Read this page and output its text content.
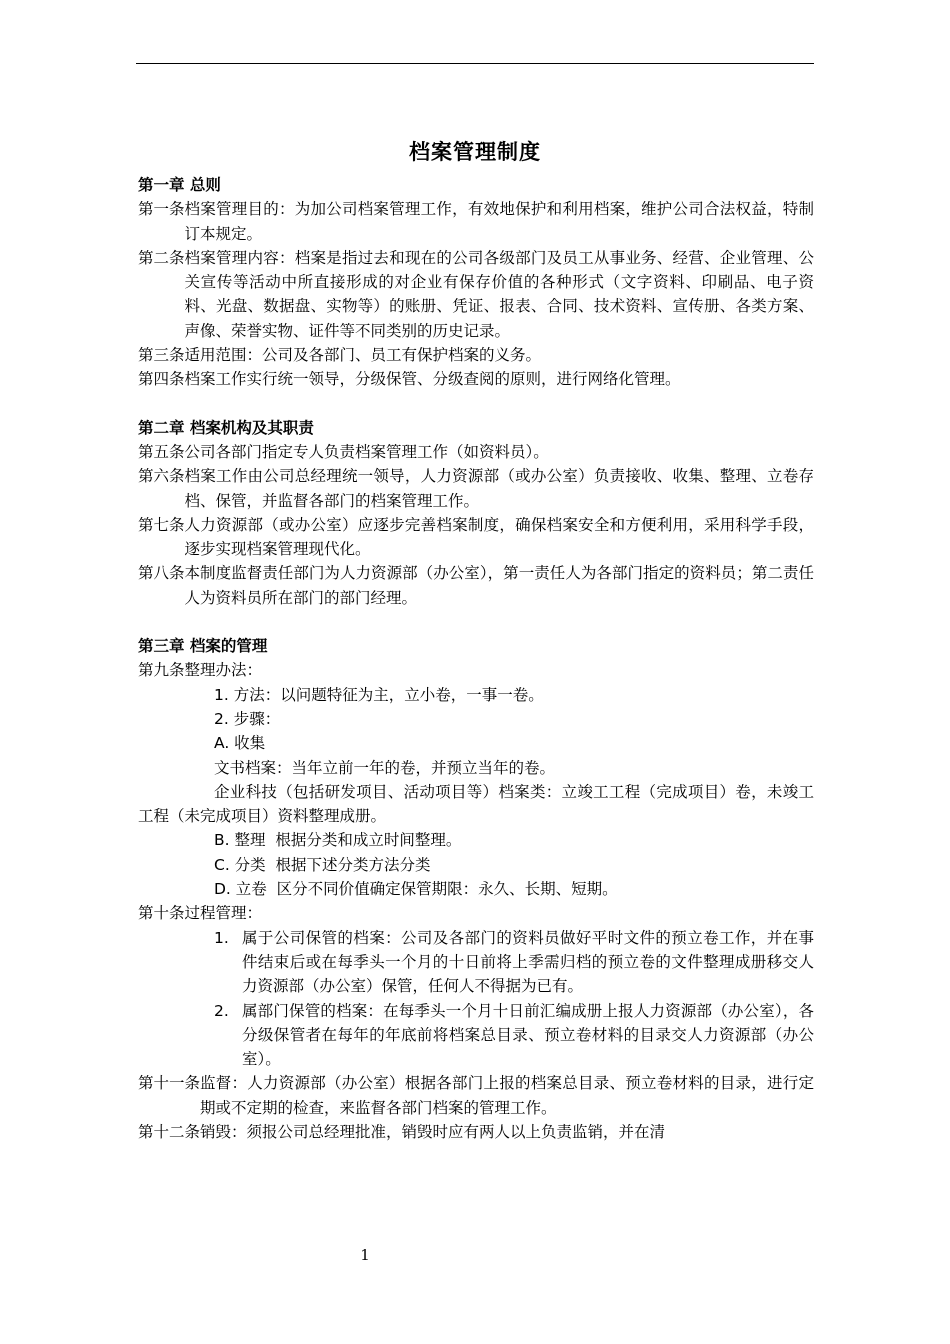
档案管理制度
第一章 总则
第一条 档案管理目的：为加公司档案管理工作，有效地保护和利用档案，维护公司合法权益，特制订本规定。
第二条 档案管理内容：档案是指过去和现在的公司各级部门及员工从事业务、经营、企业管理、公关宣传等活动中所直接形成的对企业有保存价值的各种形式（文字资料、印刷品、电子资料、光盘、数据盘、实物等）的账册、凭证、报表、合同、技术资料、宣传册、各类方案、声像、荣誉实物、证件等不同类别的历史记录。
第三条 适用范围：公司及各部门、员工有保护档案的义务。
第四条 档案工作实行统一领导，分级保管、分级查阅的原则，进行网络化管理。
第二章 档案机构及其职责
第五条 公司各部门指定专人负责档案管理工作（如资料员）。
第六条 档案工作由公司总经理统一领导，人力资源部（或办公室）负责接收、收集、整理、立卷存档、保管，并监督各部门的档案管理工作。
第七条 人力资源部（或办公室）应逐步完善档案制度，确保档案安全和方便利用，采用科学手段，逐步实现档案管理现代化。
第八条 本制度监督责任部门为人力资源部（办公室），第一责任人为各部门指定的资料员；第二责任人为资料员所在部门的部门经理。
第三章 档案的管理
第九条 整理办法：
1. 方法：以问题特征为主，立小卷，一事一卷。
2. 步骤：
A. 收集
文书档案：当年立前一年的卷，并预立当年的卷。
企业科技（包括研发项目、活动项目等）档案类：立竣工工程（完成项目）卷，未竣工工程（未完成项目）资料整理成册。
B. 整理  根据分类和成立时间整理。
C. 分类  根据下述分类方法分类
D. 立卷  区分不同价值确定保管期限：永久、长期、短期。
第十条 过程管理：
1. 属于公司保管的档案：公司及各部门的资料员做好平时文件的预立卷工作，并在事件结束后或在每季头一个月的十日前将上季需归档的预立卷的文件整理成册移交人力资源部（办公室）保管，任何人不得据为已有。
2. 属部门保管的档案：在每季头一个月十日前汇编成册上报人力资源部（办公室），各分级保管者在每年的年底前将档案总目录、预立卷材料的目录交人力资源部（办公室）。
第十一条 监督：人力资源部（办公室）根据各部门上报的档案总目录、预立卷材料的目录，进行定期或不定期的检查，来监督各部门档案的管理工作。
第十二条 销毁：须报公司总经理批准，销毁时应有两人以上负责监销，并在清
1
